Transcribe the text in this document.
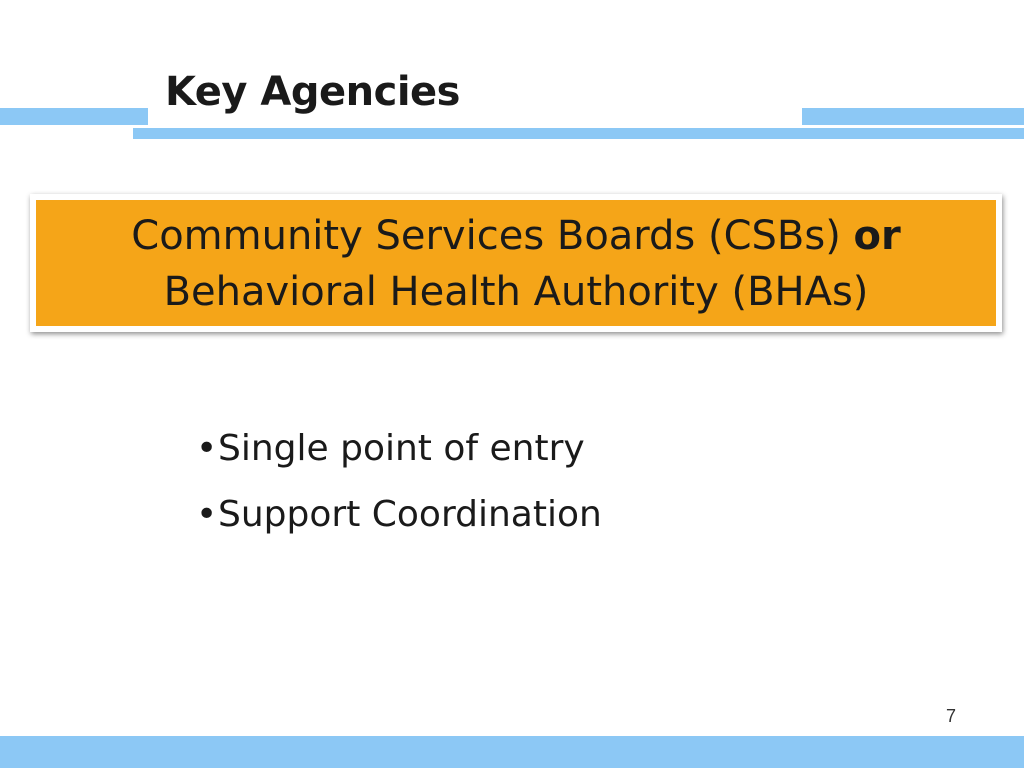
Key Agencies
Community Services Boards (CSBs) or
Behavioral Health Authority (BHAs)
•Single point of entry
•Support Coordination
7
